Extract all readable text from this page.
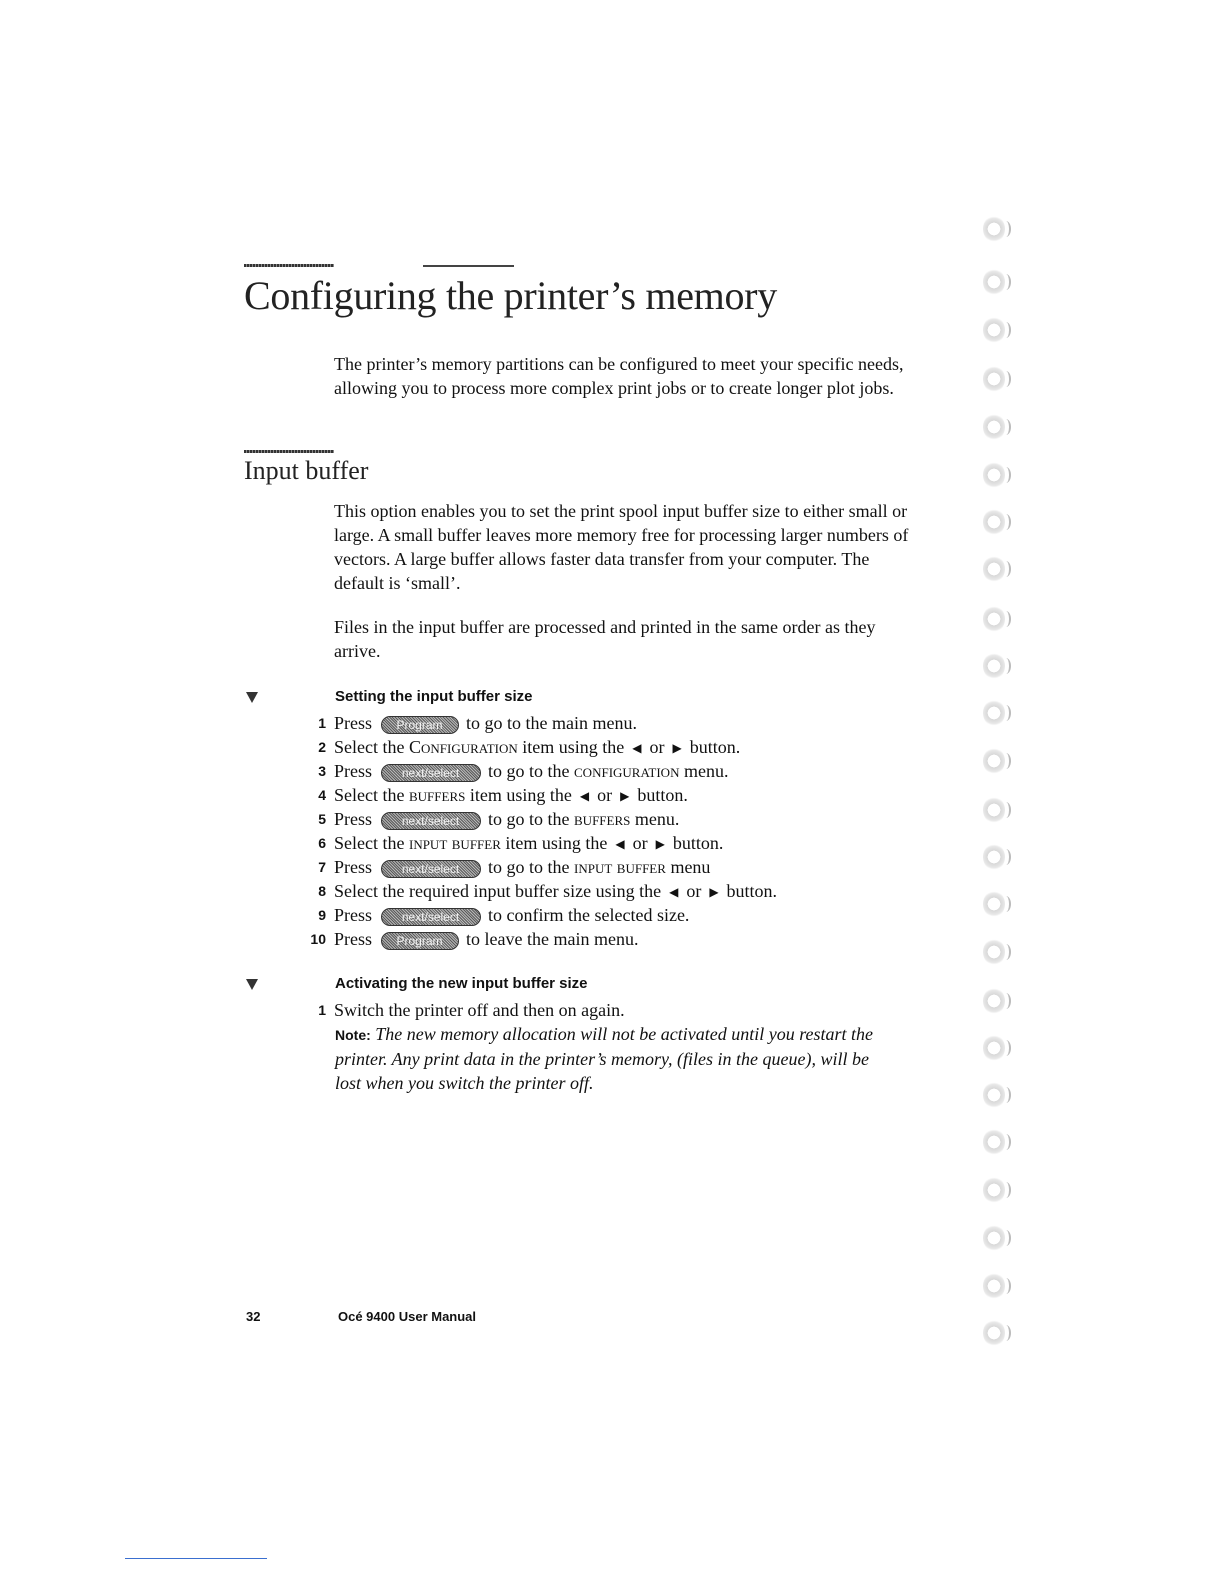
Configuring the printer’s memory

The printer’s memory partitions can be configured to meet your specific needs, allowing you to process more complex print jobs or to create longer plot jobs.

Input buffer

This option enables you to set the print spool input buffer size to either small or large. A small buffer leaves more memory free for processing larger numbers of vectors. A large buffer allows faster data transfer from your computer. The default is ‘small’.

Files in the input buffer are processed and printed in the same order as they arrive.

Setting the input buffer size

1 Press Program to go to the main menu.
2 Select the Configuration item using the ◀ or ▶ button.
3 Press next/select to go to the configuration menu.
4 Select the buffers item using the ◀ or ▶ button.
5 Press next/select to go to the buffers menu.
6 Select the input buffer item using the ◀ or ▶ button.
7 Press next/select to go to the input buffer menu
8 Select the required input buffer size using the ◀ or ▶ button.
9 Press next/select to confirm the selected size.
10 Press Program to leave the main menu.

Activating the new input buffer size

1 Switch the printer off and then on again.

Note: The new memory allocation will not be activated until you restart the
printer. Any print data in the printer’s memory, (files in the queue), will be
lost when you switch the printer off.

32	Océ 9400 User Manual
